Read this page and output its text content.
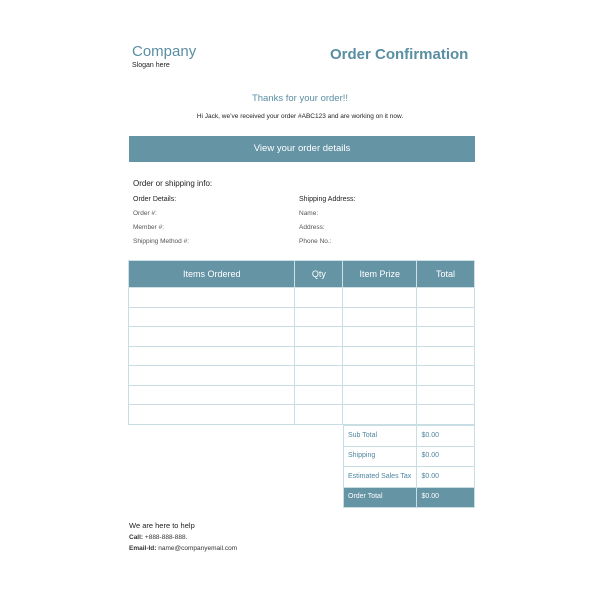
Company
Slogan here
Order Confirmation
Thanks for your order!!
Hi Jack, we’ve received your order #ABC123 and are working on it now.
View your order details
Order or shipping info:
Order Details:
Order #:
Member #:
Shipping Method #:
Shipping Address:
Name:
Address:
Phone No.:
Items Ordered	Qty	Item Prize	Total

Sub Total	$0.00
Shipping	$0.00
Estimated Sales Tax	$0.00
Order Total	$0.00
We are here to help
Call: +888-888-888.
Email-Id: name@companyemail.com
